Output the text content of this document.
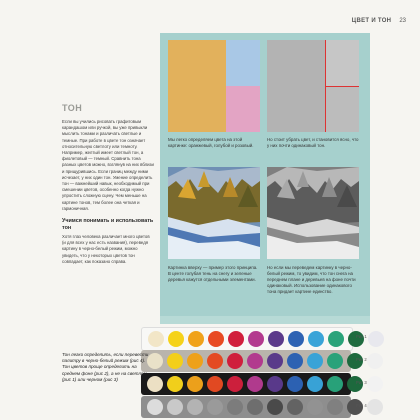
ЦВЕТ И ТОН 23
ТОН
Если вы учились рисовать графитовым карандашом или ручкой, вы уже привыкли мыслить тонами и различать светлые и темные. При работе в цвете тон означает относительную светлоту или темноту. Например, желтый имеет светлый тон, а фиолетовый — темный. Сравнить тона разных цветов можно, взглянув на них вблизи и прищурившись. Если границ между ними исчезает, у них один тон. Умение определить тон — важнейший навык, необходимый при смешении цветов, особенно когда нужно упростить сложную сцену. Чем меньше на картине тонов, тем более она четкая и гармоничная.
Учимся понимать и использовать тон
Хотя глаз человека различает много цветов (и для всех у нас есть названия), переведя картину в черно-белый режим, можно увидеть, что у некоторых цветов тон совпадает, как показано справа.
Мы легко определяем цвета на этой картинке: оранжевый, голубой и розовый.
Но стоит убрать цвет, и становится ясно, что у них почти одинаковый тон.
Картинка вверху — пример этого принципа. В центе голубая тень на снегу и зеленые деревья кажутся отдельными элементами.
Но если мы переведем картинку в черно-белый режим, то увидим, что тон снега на переднем плане и деревьев на фоне почти одинаковый. Использование одинакового тона придает картине единство.
Рис 1
Рис 2
Рис 3
Рис 4
Тон легко определить, если перевести палитру в черно-белый режим (рис 4). Тон цветов проще определить на среднем фоне (рис 2), а не на светлом (рис 1) или черном (рис 3)
